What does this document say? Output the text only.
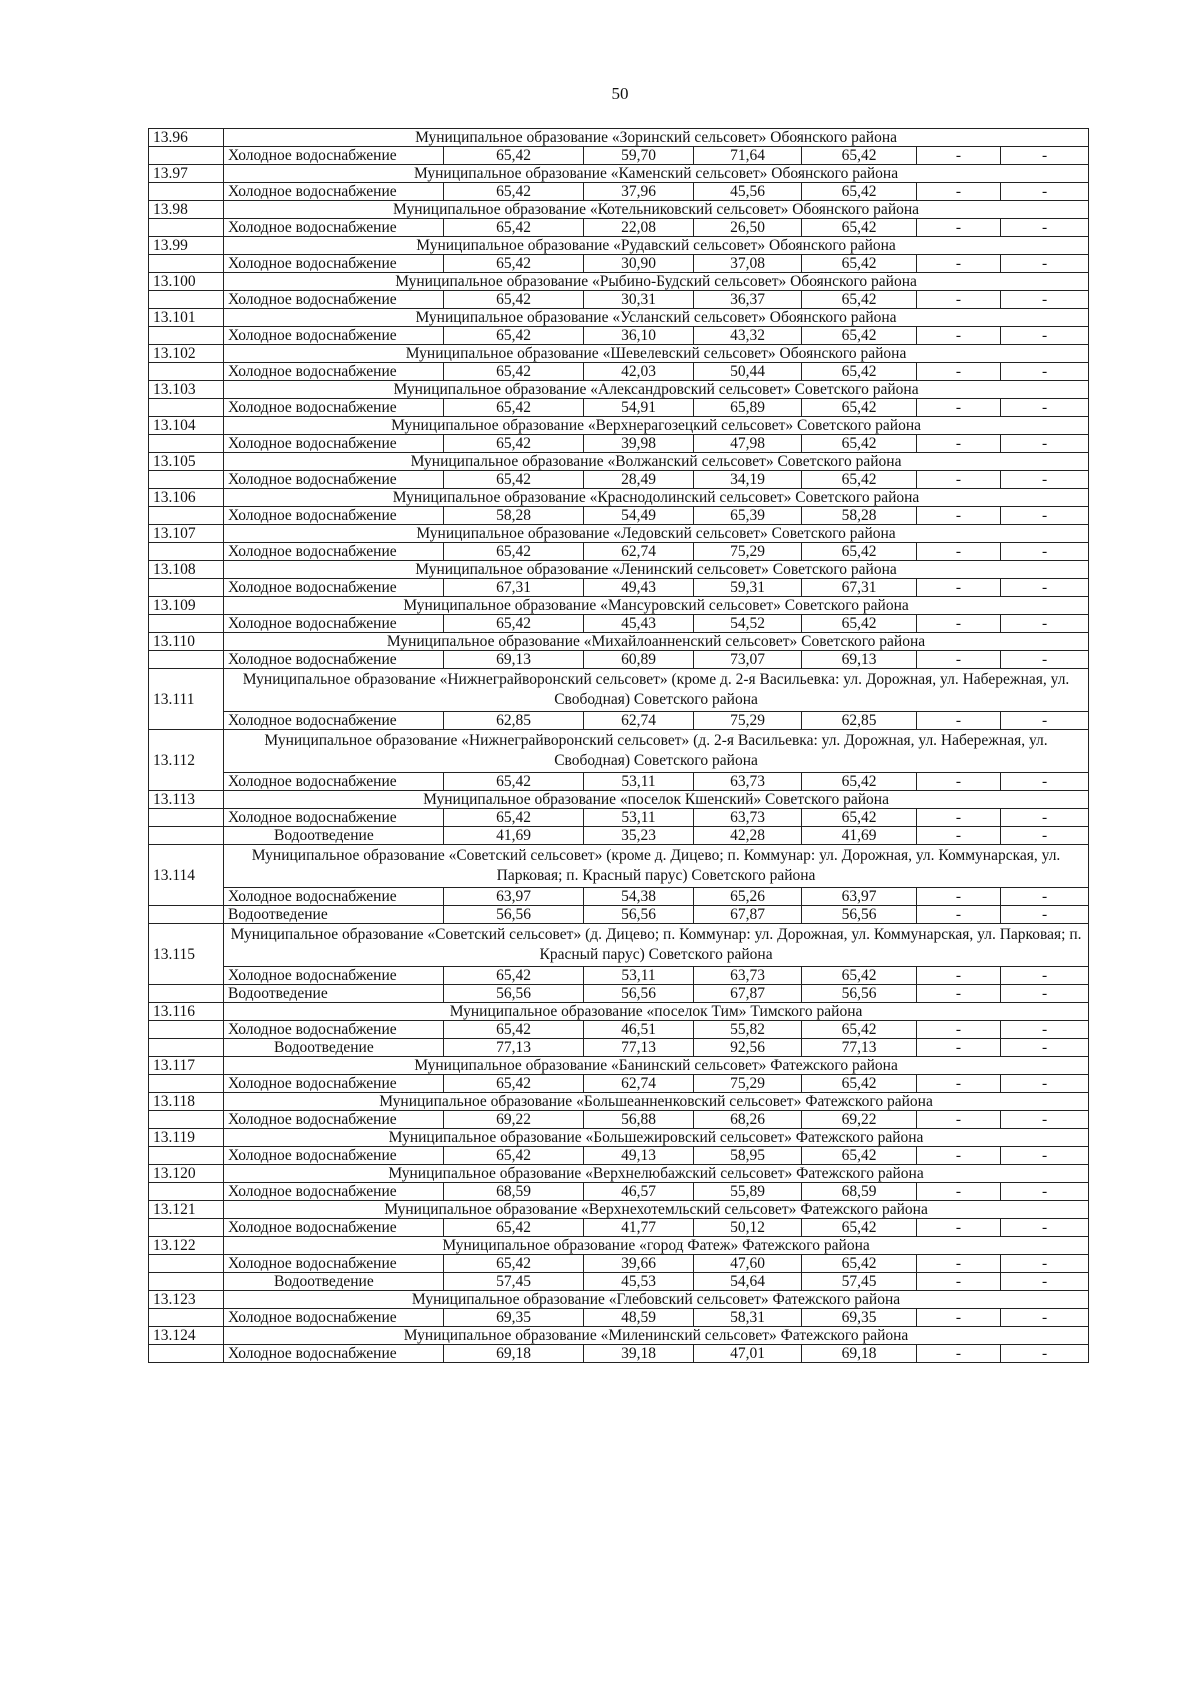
50
13.96	Муниципальное образование «Зоринский сельсовет» Обоянского района						
	Холодное водоснабжение	65,42	59,70	71,64	65,42	-	-
13.97	Муниципальное образование «Каменский сельсовет» Обоянского района						
	Холодное водоснабжение	65,42	37,96	45,56	65,42	-	-
13.98	Муниципальное образование «Котельниковский сельсовет» Обоянского района						
	Холодное водоснабжение	65,42	22,08	26,50	65,42	-	-
13.99	Муниципальное образование «Рудавский сельсовет» Обоянского района						
	Холодное водоснабжение	65,42	30,90	37,08	65,42	-	-
13.100	Муниципальное образование «Рыбино-Будский сельсовет» Обоянского района						
	Холодное водоснабжение	65,42	30,31	36,37	65,42	-	-
13.101	Муниципальное образование «Усланский сельсовет» Обоянского района						
	Холодное водоснабжение	65,42	36,10	43,32	65,42	-	-
13.102	Муниципальное образование «Шевелевский сельсовет» Обоянского района						
	Холодное водоснабжение	65,42	42,03	50,44	65,42	-	-
13.103	Муниципальное образование «Александровский сельсовет» Советского района						
	Холодное водоснабжение	65,42	54,91	65,89	65,42	-	-
13.104	Муниципальное образование «Верхнерагозецкий сельсовет» Советского района						
	Холодное водоснабжение	65,42	39,98	47,98	65,42	-	-
13.105	Муниципальное образование «Волжанский сельсовет» Советского района						
	Холодное водоснабжение	65,42	28,49	34,19	65,42	-	-
13.106	Муниципальное образование «Краснодолинский сельсовет» Советского района						
	Холодное водоснабжение	58,28	54,49	65,39	58,28	-	-
13.107	Муниципальное образование «Ледовский сельсовет» Советского района						
	Холодное водоснабжение	65,42	62,74	75,29	65,42	-	-
13.108	Муниципальное образование «Ленинский сельсовет» Советского района						
	Холодное водоснабжение	67,31	49,43	59,31	67,31	-	-
13.109	Муниципальное образование «Мансуровский сельсовет» Советского района						
	Холодное водоснабжение	65,42	45,43	54,52	65,42	-	-
13.110	Муниципальное образование «Михайлоанненский сельсовет» Советского района						
	Холодное водоснабжение	69,13	60,89	73,07	69,13	-	-
13.111	Муниципальное образование «Нижнеграйворонский сельсовет» (кроме д. 2-я Васильевка: ул. Дорожная, ул. Набережная, ул. Свободная) Советского района						
	Холодное водоснабжение	62,85	62,74	75,29	62,85	-	-
13.112	Муниципальное образование «Нижнеграйворонский сельсовет» (д. 2-я Васильевка: ул. Дорожная, ул. Набережная, ул. Свободная) Советского района						
	Холодное водоснабжение	65,42	53,11	63,73	65,42	-	-
13.113	Муниципальное образование «поселок Кшенский» Советского района						
	Холодное водоснабжение	65,42	53,11	63,73	65,42	-	-
	Водоотведение	41,69	35,23	42,28	41,69	-	-
13.114	Муниципальное образование «Советский сельсовет» (кроме д. Дицево; п. Коммунар: ул. Дорожная, ул. Коммунарская, ул. Парковая; п. Красный парус) Советского района						
	Холодное водоснабжение	63,97	54,38	65,26	63,97	-	-
	Водоотведение	56,56	56,56	67,87	56,56	-	-
13.115	Муниципальное образование «Советский сельсовет» (д. Дицево; п. Коммунар: ул. Дорожная, ул. Коммунарская, ул. Парковая; п. Красный парус) Советского района						
	Холодное водоснабжение	65,42	53,11	63,73	65,42	-	-
	Водоотведение	56,56	56,56	67,87	56,56	-	-
13.116	Муниципальное образование «поселок Тим» Тимского района						
	Холодное водоснабжение	65,42	46,51	55,82	65,42	-	-
	Водоотведение	77,13	77,13	92,56	77,13	-	-
13.117	Муниципальное образование «Банинский сельсовет» Фатежского района						
	Холодное водоснабжение	65,42	62,74	75,29	65,42	-	-
13.118	Муниципальное образование «Большеанненковский сельсовет» Фатежского района						
	Холодное водоснабжение	69,22	56,88	68,26	69,22	-	-
13.119	Муниципальное образование «Большежировский сельсовет» Фатежского района						
	Холодное водоснабжение	65,42	49,13	58,95	65,42	-	-
13.120	Муниципальное образование «Верхнелюбажский сельсовет» Фатежского района						
	Холодное водоснабжение	68,59	46,57	55,89	68,59	-	-
13.121	Муниципальное образование «Верхнехотемльский сельсовет» Фатежского района						
	Холодное водоснабжение	65,42	41,77	50,12	65,42	-	-
13.122	Муниципальное образование «город Фатеж» Фатежского района						
	Холодное водоснабжение	65,42	39,66	47,60	65,42	-	-
	Водоотведение	57,45	45,53	54,64	57,45	-	-
13.123	Муниципальное образование «Глебовский сельсовет» Фатежского района						
	Холодное водоснабжение	69,35	48,59	58,31	69,35	-	-
13.124	Муниципальное образование «Миленинский сельсовет» Фатежского района						
	Холодное водоснабжение	69,18	39,18	47,01	69,18	-	-
